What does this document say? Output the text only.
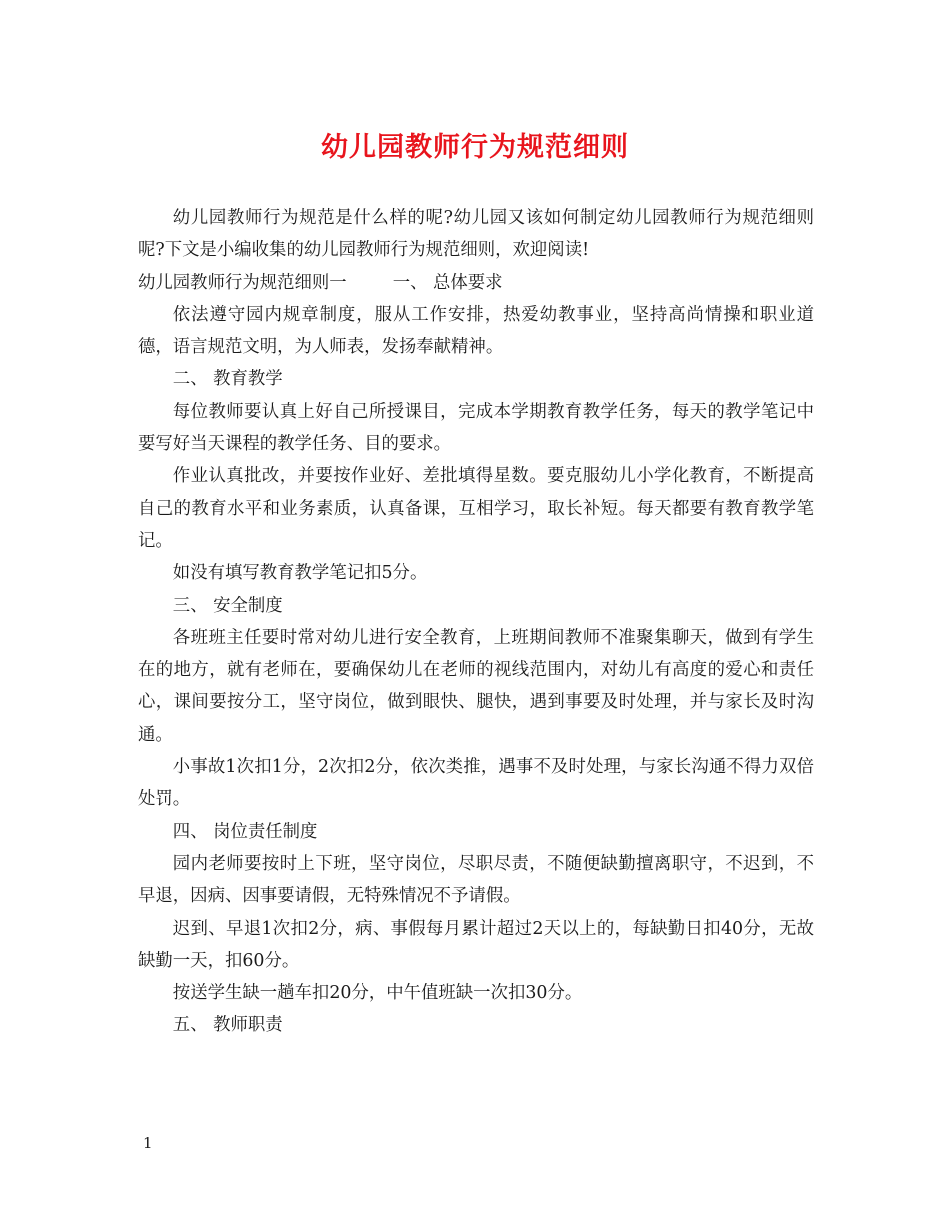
幼儿园教师行为规范细则

幼儿园教师行为规范是什么样的呢?幼儿园又该如何制定幼儿园教师行为规范细则呢?下文是小编收集的幼儿园教师行为规范细则，欢迎阅读!

幼儿园教师行为规范细则一	一、 总体要求

依法遵守园内规章制度，服从工作安排，热爱幼教事业，坚持高尚情操和职业道德，语言规范文明，为人师表，发扬奉献精神。

二、 教育教学

每位教师要认真上好自己所授课目，完成本学期教育教学任务，每天的教学笔记中要写好当天课程的教学任务、目的要求。

作业认真批改，并要按作业好、差批填得星数。要克服幼儿小学化教育，不断提高自己的教育水平和业务素质，认真备课，互相学习，取长补短。每天都要有教育教学笔记。

如没有填写教育教学笔记扣5分。

三、 安全制度

各班班主任要时常对幼儿进行安全教育，上班期间教师不准聚集聊天，做到有学生在的地方，就有老师在，要确保幼儿在老师的视线范围内，对幼儿有高度的爱心和责任心，课间要按分工，坚守岗位，做到眼快、腿快，遇到事要及时处理，并与家长及时沟通。

小事故1次扣1分，2次扣2分，依次类推，遇事不及时处理，与家长沟通不得力双倍处罚。

四、 岗位责任制度

园内老师要按时上下班，坚守岗位，尽职尽责，不随便缺勤擅离职守，不迟到，不早退，因病、因事要请假，无特殊情况不予请假。

迟到、早退1次扣2分，病、事假每月累计超过2天以上的，每缺勤日扣40分，无故缺勤一天，扣60分。

按送学生缺一趟车扣20分，中午值班缺一次扣30分。

五、 教师职责

1
